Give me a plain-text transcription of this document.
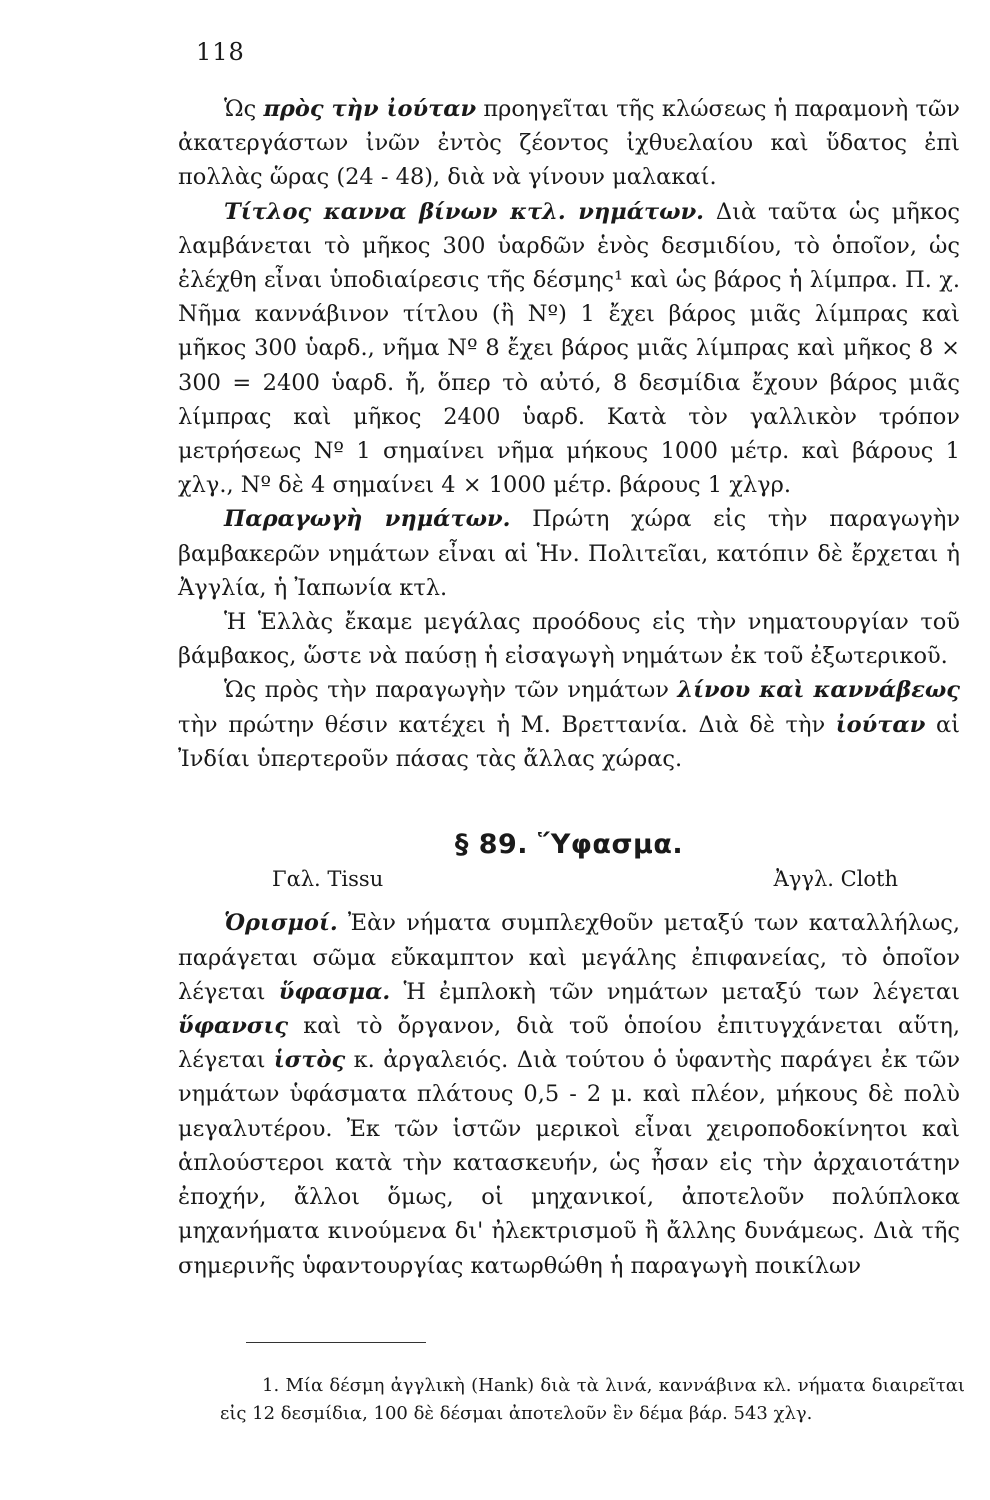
118

Ὡς πρὸς τὴν ἰούταν προηγεῖται τῆς κλώσεως ἡ παραμονὴ τῶν ἀκατεργάστων ἰνῶν ἐντὸς ζέοντος ἰχθυελαίου καὶ ὕδατος ἐπὶ πολλὰς ὥρας (24 - 48), διὰ νὰ γίνουν μαλακαί.

Τίτλος καννα βίνων κτλ. νημάτων. Διὰ ταῦτα ὡς μῆκος λαμβάνεται τὸ μῆκος 300 ὑαρδῶν ἑνὸς δεσμιδίου, τὸ ὁποῖον, ὡς ἐλέχθη εἶναι ὑποδιαίρεσις τῆς δέσμης¹ καὶ ὡς βάρος ἡ λίμπρα. Π. χ. Νῆμα καννάβινον τίτλου (ἢ Nº) 1 ἔχει βάρος μιᾶς λίμπρας καὶ μῆκος 300 ὑαρδ., νῆμα Nº 8 ἔχει βάρος μιᾶς λίμπρας καὶ μῆκος 8 × 300 = 2400 ὑαρδ. ἤ, ὅπερ τὸ αὐτό, 8 δεσμίδια ἔχουν βάρος μιᾶς λίμπρας καὶ μῆκος 2400 ὑαρδ. Κατὰ τὸν γαλλικὸν τρόπον μετρήσεως Nº 1 σημαίνει νῆμα μήκους 1000 μέτρ. καὶ βάρους 1 χλγ., Nº δὲ 4 σημαίνει 4 × 1000 μέτρ. βάρους 1 χλγρ.

Παραγωγὴ νημάτων. Πρώτη χώρα εἰς τὴν παραγωγὴν βαμβακερῶν νημάτων εἶναι αἱ Ἡν. Πολιτεῖαι, κατόπιν δὲ ἔρχεται ἡ Ἀγγλία, ἡ Ἰαπωνία κτλ.

Ἡ Ἑλλὰς ἔκαμε μεγάλας προόδους εἰς τὴν νηματουργίαν τοῦ βάμβακος, ὥστε νὰ παύσῃ ἡ εἰσαγωγὴ νημάτων ἐκ τοῦ ἐξωτερικοῦ.

Ὡς πρὸς τὴν παραγωγὴν τῶν νημάτων λίνου καὶ καννάβεως τὴν πρώτην θέσιν κατέχει ἡ Μ. Βρεττανία. Διὰ δὲ τὴν ἰούταν αἱ Ἰνδίαι ὑπερτεροῦν πάσας τὰς ἄλλας χώρας.

§ 89. Ὕφασμα.
Γαλ. Tissu	Ἀγγλ. Cloth

Ὁρισμοί. Ἐὰν νήματα συμπλεχθοῦν μεταξύ των καταλλήλως, παράγεται σῶμα εὔκαμπτον καὶ μεγάλης ἐπιφανείας, τὸ ὁποῖον λέγεται ὕφασμα. Ἡ ἐμπλοκὴ τῶν νημάτων μεταξύ των λέγεται ὕφανσις καὶ τὸ ὄργανον, διὰ τοῦ ὁποίου ἐπιτυγχάνεται αὕτη, λέγεται ἱστὸς κ. ἀργαλειός. Διὰ τούτου ὁ ὑφαντὴς παράγει ἐκ τῶν νημάτων ὑφάσματα πλάτους 0,5 - 2 μ. καὶ πλέον, μήκους δὲ πολὺ μεγαλυτέρου. Ἐκ τῶν ἱστῶν μερικοὶ εἶναι χειροποδοκίνητοι καὶ ἁπλούστεροι κατὰ τὴν κατασκευήν, ὡς ἦσαν εἰς τὴν ἀρχαιοτάτην ἐποχήν, ἄλλοι ὅμως, οἱ μηχανικοί, ἀποτελοῦν πολύπλοκα μηχανήματα κινούμενα δι' ἠλεκτρισμοῦ ἢ ἄλλης δυνάμεως. Διὰ τῆς σημερινῆς ὑφαντουργίας κατωρθώθη ἡ παραγωγὴ ποικίλων

1. Μία δέσμη ἀγγλικὴ (Hank) διὰ τὰ λινά, καννάβινα κλ. νήματα διαιρεῖται εἰς 12 δεσμίδια, 100 δὲ δέσμαι ἀποτελοῦν ἓν δέμα βάρ. 543 χλγ.
